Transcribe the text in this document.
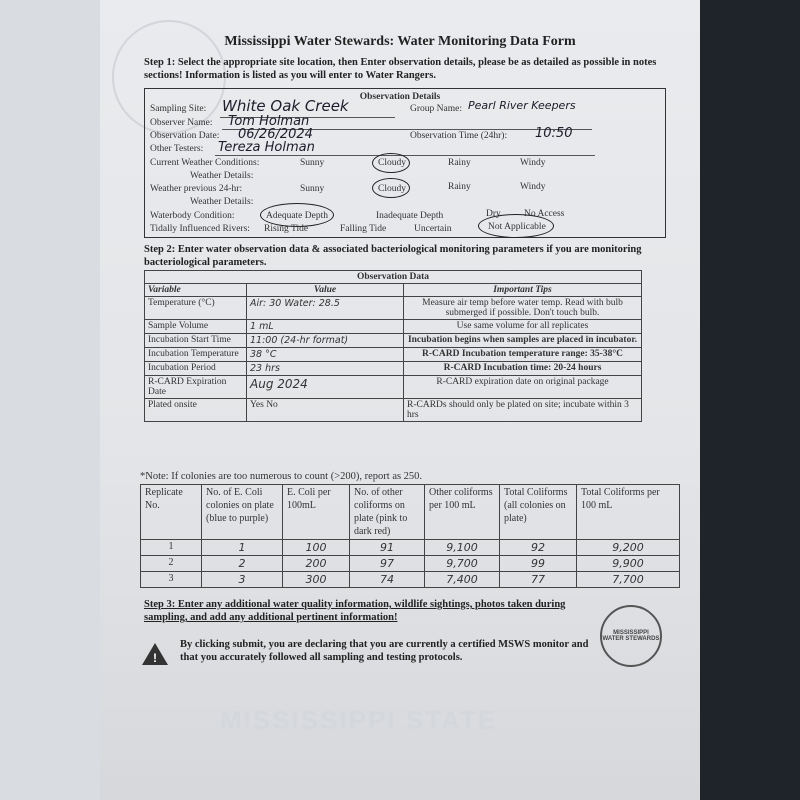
Mississippi Water Stewards: Water Monitoring Data Form
Step 1: Select the appropriate site location, then Enter observation details, please be as detailed as possible in notes sections! Information is listed as you will enter to Water Rangers.
Observation Details
Sampling Site: White Oak Creek	Group Name: Pearl River Keepers
Observer Name: Tom Holman
Observation Date: 06/26/2024	Observation Time (24hr): 10:50
Other Testers: Tereza Holman
Current Weather Conditions:	Sunny	Cloudy	Rainy	Windy
Weather Details:
Weather previous 24-hr:	Sunny	Cloudy	Rainy	Windy
Weather Details:
Waterbody Condition:	Adequate Depth	Inadequate Depth	Dry No Access
Tidally Influenced Rivers: Rising Tide	Falling Tide	Uncertain	Not Applicable
Step 2: Enter water observation data & associated bacteriological monitoring parameters if you are monitoring bacteriological parameters.
Observation Data		
Variable	Value	Important Tips
Temperature (°C)	Air: 30 Water: 28.5	Measure air temp before water temp. Read with bulb submerged if possible. Don't touch bulb.
Sample Volume	1 mL	Use same volume for all replicates
Incubation Start Time	11:00 (24-hr format)	Incubation begins when samples are placed in incubator.
Incubation Temperature	38 °C	R-CARD Incubation temperature range: 35-38°C
Incubation Period	23 hrs	R-CARD Incubation time: 20-24 hours
R-CARD Expiration Date	Aug 2024	R-CARD expiration date on original package
Plated onsite	Yes No	R-CARDs should only be plated on site; incubate within 3 hrs
*Note: If colonies are too numerous to count (>200), report as 250.
Replicate No.	No. of E. Coli colonies on plate (blue to purple)	E. Coli per 100mL	No. of other coliforms on plate (pink to dark red)	Other coliforms per 100 mL	Total Coliforms (all colonies on plate)	Total Coliforms per 100 mL
1	1	100	91	9,100	92	9,200
2	2	200	97	9,700	99	9,900
3	3	300	74	7,400	77	7,700
Step 3: Enter any additional water quality information, wildlife sightings, photos taken during sampling, and add any additional pertinent information!
!
By clicking submit, you are declaring that you are currently a certified MSWS monitor and that you accurately followed all sampling and testing protocols.
MISSISSIPPI WATER STEWARDS
MISSISSIPPI STATE
